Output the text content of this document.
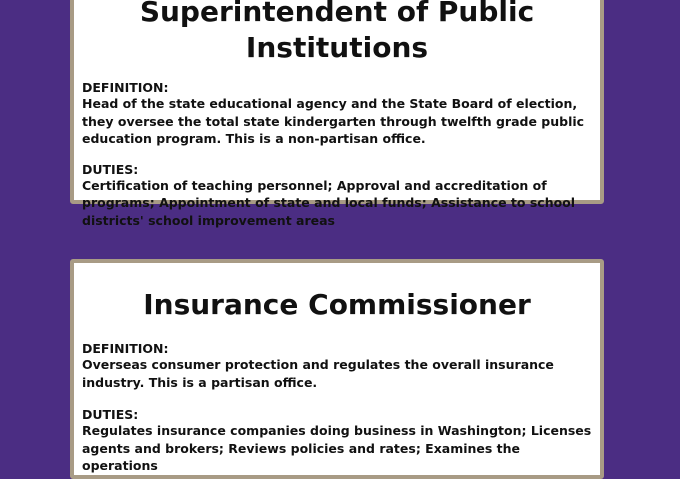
Superintendent of Public Institutions
DEFINITION:
Head of the state educational agency and the State Board of election, they oversee the total state kindergarten through twelfth grade public education program. This is a non-partisan office.
DUTIES:
Certification of teaching personnel; Approval and accreditation of programs; Appointment of state and local funds; Assistance to school districts' school improvement areas
Insurance Commissioner
DEFINITION:
Overseas consumer protection and regulates the overall insurance industry. This is a partisan office.
DUTIES:
Regulates insurance companies doing business in Washington; Licenses agents and brokers; Reviews policies and rates; Examines the operations
